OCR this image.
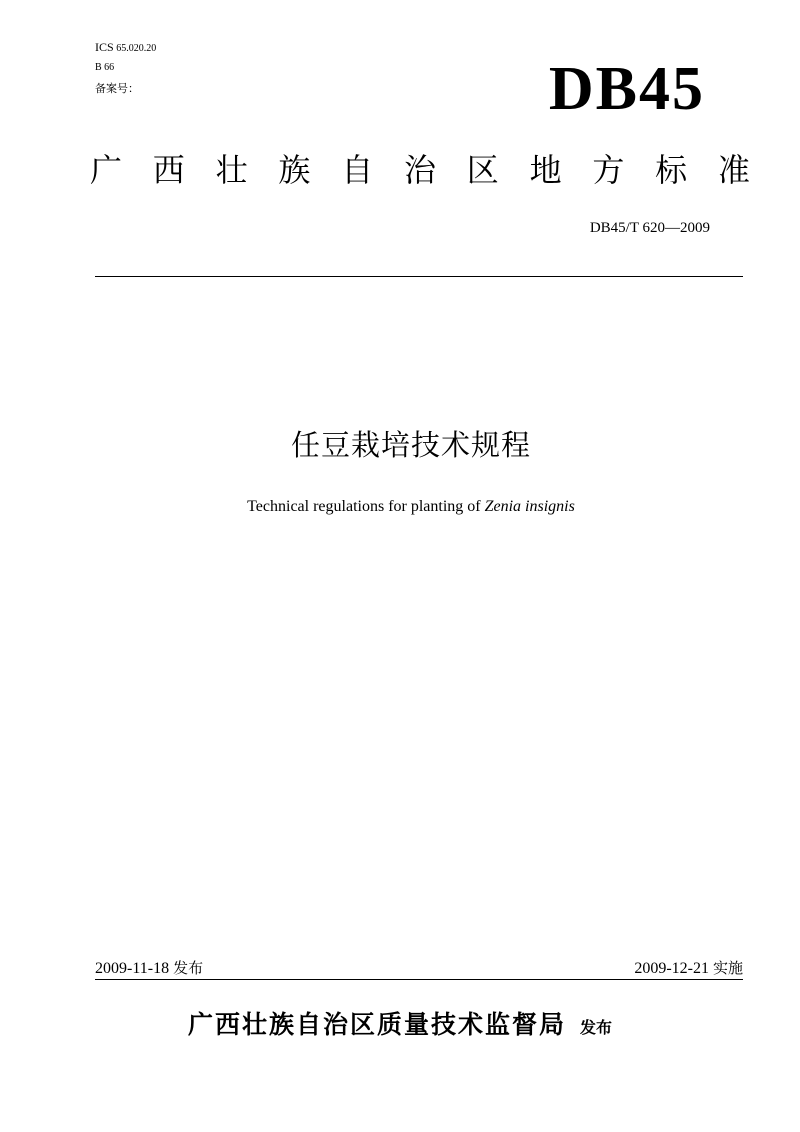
ICS 65.020.20
B 66
备案号：	DB45
广 西 壮 族 自 治 区 地 方 标 准
DB45/T 620—2009
任豆栽培技术规程
Technical regulations for planting of Zenia insignis
2009-11-18 发布	2009-12-21 实施
广西壮族自治区质量技术监督局 发布
